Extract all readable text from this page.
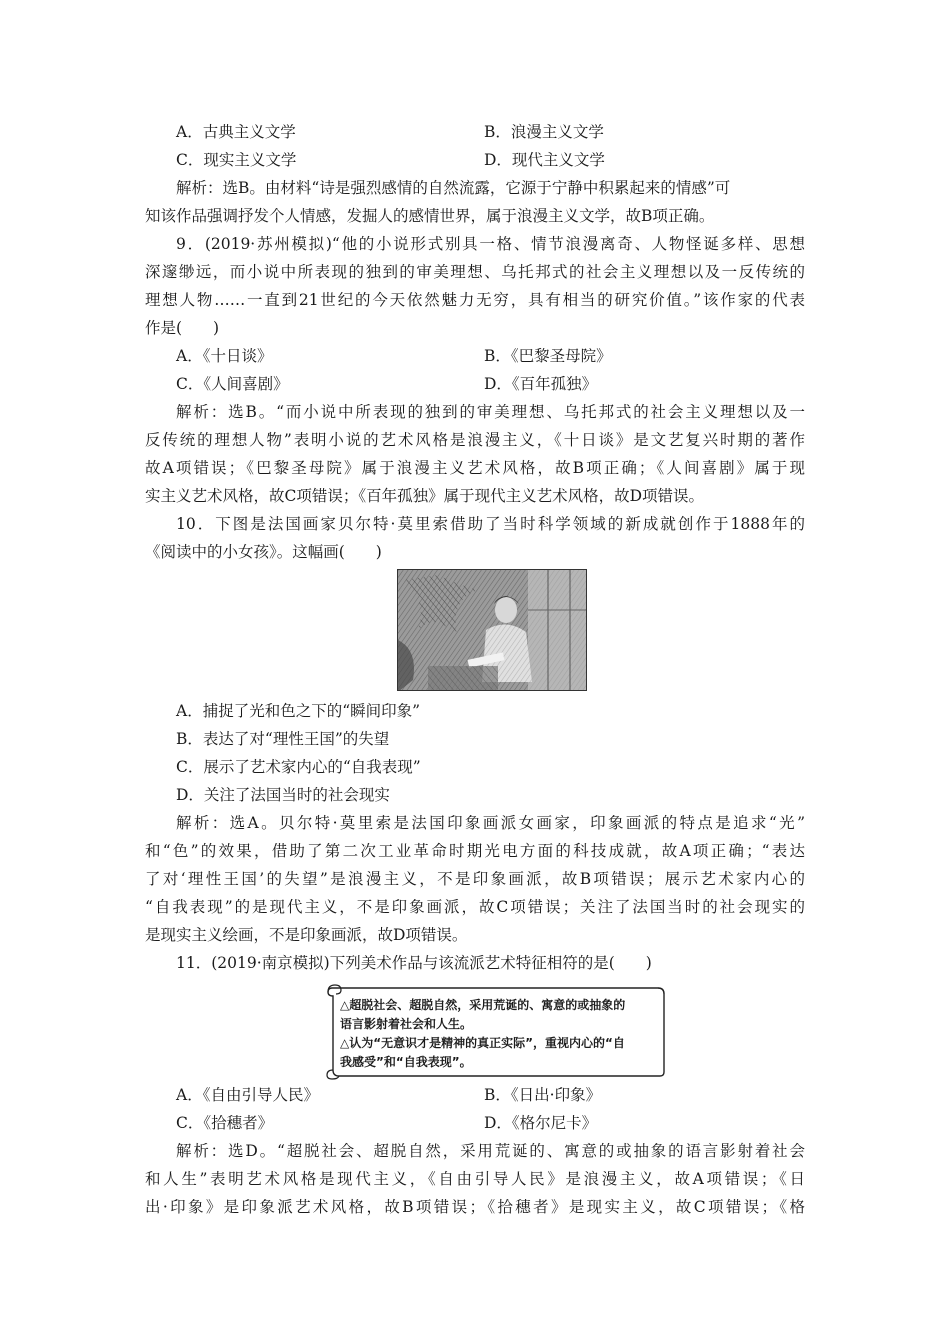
A．古典主义文学	B．浪漫主义文学
C．现实主义文学	D．现代主义文学
解析：选B。由材料“诗是强烈感情的自然流露，它源于宁静中积累起来的情感”可
知该作品强调抒发个人情感，发掘人的感情世界，属于浪漫主义文学，故B项正确。
9．(2019·苏州模拟)“他的小说形式别具一格、情节浪漫离奇、人物怪诞多样、思想
深邃缈远，而小说中所表现的独到的审美理想、乌托邦式的社会主义理想以及一反传统的
理想人物……一直到21世纪的今天依然魅力无穷，具有相当的研究价值。”该作家的代表
作是(　　)
A．《十日谈》	B．《巴黎圣母院》
C．《人间喜剧》	D．《百年孤独》
解析：选B。“而小说中所表现的独到的审美理想、乌托邦式的社会主义理想以及一
反传统的理想人物”表明小说的艺术风格是浪漫主义，《十日谈》是文艺复兴时期的著作
故A项错误；《巴黎圣母院》属于浪漫主义艺术风格，故B项正确；《人间喜剧》属于现
实主义艺术风格，故C项错误；《百年孤独》属于现代主义艺术风格，故D项错误。
10．下图是法国画家贝尔特·莫里索借助了当时科学领域的新成就创作于1888年的
《阅读中的小女孩》。这幅画(　　)
A．捕捉了光和色之下的“瞬间印象”
B．表达了对“理性王国”的失望
C．展示了艺术家内心的“自我表现”
D．关注了法国当时的社会现实
解析：选A。贝尔特·莫里索是法国印象画派女画家，印象画派的特点是追求“光”
和“色”的效果，借助了第二次工业革命时期光电方面的科技成就，故A项正确；“表达
了对‘理性王国’的失望”是浪漫主义，不是印象画派，故B项错误；展示艺术家内心的
“自我表现”的是现代主义，不是印象画派，故C项错误；关注了法国当时的社会现实的
是现实主义绘画，不是印象画派，故D项错误。
11．(2019·南京模拟)下列美术作品与该流派艺术特征相符的是(　　)
△超脱社会、超脱自然，采用荒诞的、寓意的或抽象的
语言影射着社会和人生。
△认为“无意识才是精神的真正实际”，重视内心的“自
我感受”和“自我表现”。
A．《自由引导人民》	B．《日出·印象》
C．《拾穗者》	D．《格尔尼卡》
解析：选D。“超脱社会、超脱自然，采用荒诞的、寓意的或抽象的语言影射着社会
和人生”表明艺术风格是现代主义，《自由引导人民》是浪漫主义，故A项错误；《日
出·印象》是印象派艺术风格，故B项错误；《拾穗者》是现实主义，故C项错误；《格
